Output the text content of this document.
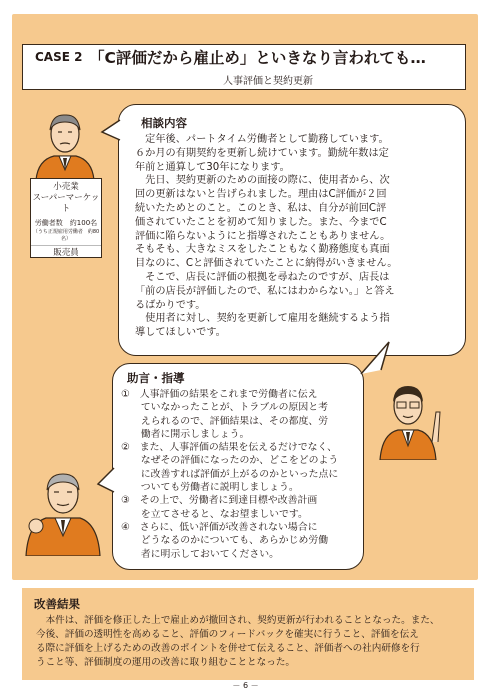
CASE 2 「C評価だから雇止め」といきなり言われても…
人事評価と契約更新
小売業
スーパーマーケット
労働者数　約100名
（うち正規雇用労働者　約80名）
販売員
相談内容
　定年後、パートタイム労働者として勤務しています。
６か月の有期契約を更新し続けています。勤続年数は定
年前と通算して30年になります。
　先日、契約更新のための面接の際に、使用者から、次
回の更新はないと告げられました。理由はC評価が２回
続いたためとのこと。このとき、私は、自分が前回C評
価されていたことを初めて知りました。また、今までC
評価に陥らないようにと指導されたこともありません。
そもそも、大きなミスをしたこともなく勤務態度も真面
目なのに、Cと評価されていたことに納得がいきません。
　そこで、店長に評価の根拠を尋ねたのですが、店長は
「前の店長が評価したので、私にはわからない。」と答え
るばかりです。
　使用者に対し、契約を更新して雇用を継続するよう指
導してほしいです。
助言・指導
①　人事評価の結果をこれまで労働者に伝え
　　ていなかったことが、トラブルの原因と考
　　えられるので、評価結果は、その都度、労
　　働者に開示しましょう。
②　また、人事評価の結果を伝えるだけでなく、
　　なぜその評価になったのか、どこをどのよう
　　に改善すれば評価が上がるのかといった点に
　　ついても労働者に説明しましょう。
③　その上で、労働者に到達目標や改善計画
　　を立てさせると、なお望ましいです。
④　さらに、低い評価が改善されない場合に
　　どうなるのかについても、あらかじめ労働
　　者に明示しておいてください。
改善結果
　本件は、評価を修正した上で雇止めが撤回され、契約更新が行われることとなった。また、
今後、評価の透明性を高めること、評価のフィードバックを確実に行うこと、評価を伝え
る際に評価を上げるための改善のポイントを併せて伝えること、評価者への社内研修を行
うこと等、評価制度の運用の改善に取り組むこととなった。
－ 6 －
